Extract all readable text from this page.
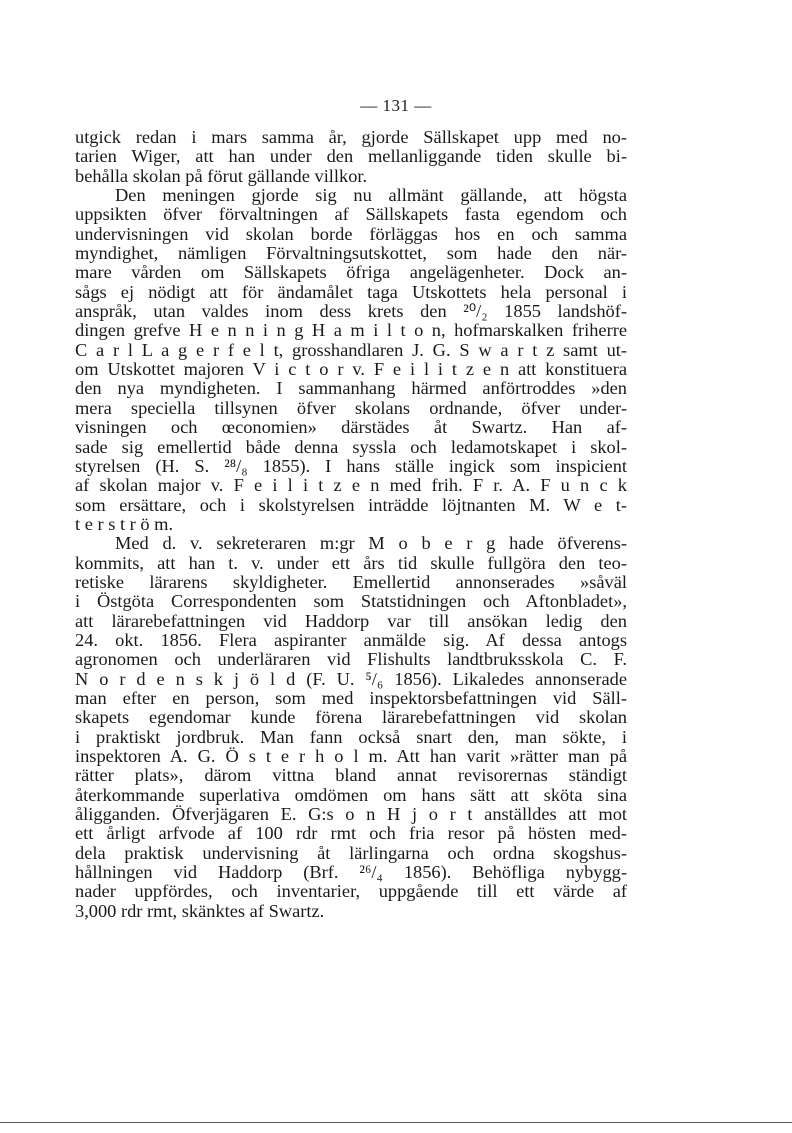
— 131 —
utgick redan i mars samma år, gjorde Sällskapet upp med no-
tarien Wiger, att han under den mellanliggande tiden skulle bi-
behålla skolan på förut gällande villkor.
Den meningen gjorde sig nu allmänt gällande, att högsta
uppsikten öfver förvaltningen af Sällskapets fasta egendom och
undervisningen vid skolan borde förläggas hos en och samma
myndighet, nämligen Förvaltningsutskottet, som hade den när-
mare vården om Sällskapets öfriga angelägenheter. Dock an-
sågs ej nödigt att för ändamålet taga Utskottets hela personal i
anspråk, utan valdes inom dess krets den ²⁰/₂ 1855 landshöf-
dingen grefve H e n n i n g H a m i l t o n, hofmarskalken friherre
C a r l L a g e r f e l t, grosshandlaren J. G. S w a r t z samt ut-
om Utskottet majoren V i c t o r v. F e i l i t z e n att konstituera
den nya myndigheten. I sammanhang härmed anförtroddes »den
mera speciella tillsynen öfver skolans ordnande, öfver under-
visningen och œconomien» därstädes åt Swartz. Han af-
sade sig emellertid både denna syssla och ledamotskapet i skol-
styrelsen (H. S. ²⁸/₈ 1855). I hans ställe ingick som inspicient
af skolan major v. F e i l i t z e n med frih. F r. A. F u n c k
som ersättare, och i skolstyrelsen inträdde löjtnanten M. W e t-
t e r s t r ö m.
Med d. v. sekreteraren m:gr M o b e r g hade öfverens-
kommits, att han t. v. under ett års tid skulle fullgöra den teo-
retiske lärarens skyldigheter. Emellertid annonserades »såväl
i Östgöta Correspondenten som Statstidningen och Aftonbladet»,
att lärarebefattningen vid Haddorp var till ansökan ledig den
24. okt. 1856. Flera aspiranter anmälde sig. Af dessa antogs
agronomen och underläraren vid Flishults landtbruksskola C. F.
N o r d e n s k j ö l d (F. U. ⁵/₆ 1856). Likaledes annonserade
man efter en person, som med inspektorsbefattningen vid Säll-
skapets egendomar kunde förena lärarebefattningen vid skolan
i praktiskt jordbruk. Man fann också snart den, man sökte, i
inspektoren A. G. Ö s t e r h o l m. Att han varit »rätter man på
rätter plats», därom vittna bland annat revisorernas ständigt
återkommande superlativa omdömen om hans sätt att sköta sina
åligganden. Öfverjägaren E. G:s o n H j o r t anställdes att mot
ett årligt arfvode af 100 rdr rmt och fria resor på hösten med-
dela praktisk undervisning åt lärlingarna och ordna skogshus-
hållningen vid Haddorp (Brf. ²⁶/₄ 1856). Behöfliga nybygg-
nader uppfördes, och inventarier, uppgående till ett värde af
3,000 rdr rmt, skänktes af Swartz.
